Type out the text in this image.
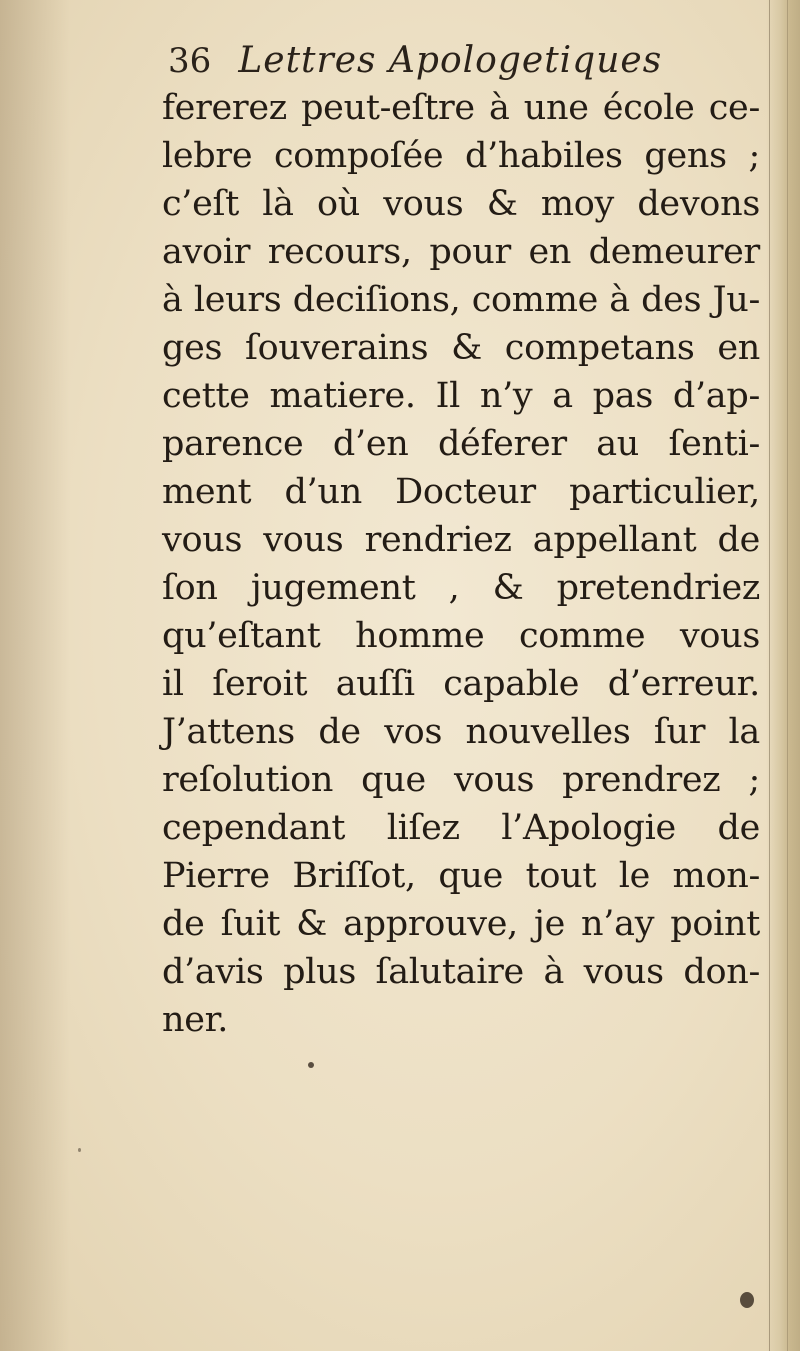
36 Lettres Apologetiques
fererez peut-eſtre à une école ce-
lebre compoſée d’habiles gens ;
c’eſt là où vous & moy devons
avoir recours, pour en demeurer
à leurs deciſions, comme à des Ju-
ges ſouverains & competans en
cette matiere. Il n’y a pas d’ap-
parence d’en déferer au ſenti-
ment d’un Docteur particulier,
vous vous rendriez appellant de
ſon jugement , & pretendriez
qu’eſtant homme comme vous
il ſeroit auſſi capable d’erreur.
J’attens de vos nouvelles ſur la
reſolution que vous prendrez ;
cependant liſez l’Apologie de
Pierre Briſſot, que tout le mon-
de ſuit & approuve, je n’ay point
d’avis plus ſalutaire à vous don-
ner.
